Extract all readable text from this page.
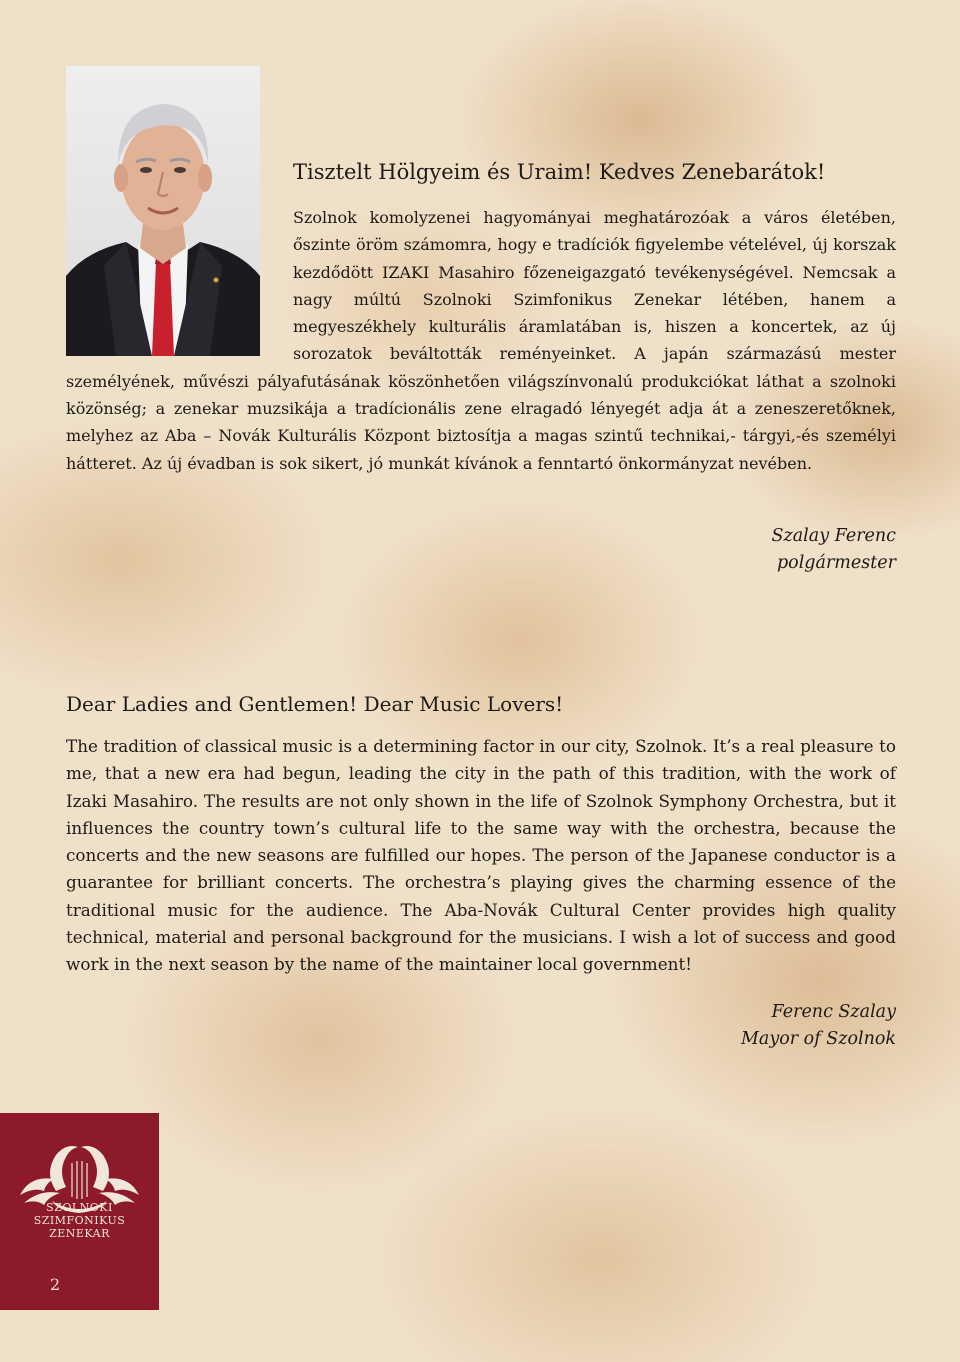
Tisztelt Hölgyeim és Uraim! Kedves Zenebarátok!
Szolnok komolyzenei hagyományai meghatározóak a város életében, őszinte öröm számomra, hogy e tradíciók figyelembe vételével, új korszak kezdődött IZAKI Masahiro főzeneigazgató tevékenységével. Nemcsak a nagy múltú Szolnoki Szimfonikus Zenekar létében, hanem a megyeszékhely kulturális áramlatában is, hiszen a koncertek, az új sorozatok beváltották reményeinket. A japán származású mester személyének, művészi pályafutásának köszönhetően világszínvonalú produkciókat láthat a szolnoki közönség; a zenekar muzsikája a tradícionális zene elragadó lényegét adja át a zeneszeretőknek, melyhez az Aba – Novák Kulturális Központ biztosítja a magas szintű technikai,- tárgyi,-és személyi hátteret. Az új évadban is sok sikert, jó munkát kívánok a fenntartó önkormányzat nevében.
Szalay Ferenc
polgármester
Dear Ladies and Gentlemen! Dear Music Lovers!
The tradition of classical music is a determining factor in our city, Szolnok. It’s a real pleasure to me, that a new era had begun, leading the city in the path of this tradition, with the work of Izaki Masahiro. The results are not only shown in the life of Szolnok Symphony Orchestra, but it influences the country town’s cultural life to the same way with the orchestra, because the concerts and the new seasons are fulfilled our hopes. The person of the Japanese conductor is a guarantee for brilliant concerts. The orchestra’s playing gives the charming essence of the traditional music for the audience. The Aba-Novák Cultural Center provides high quality technical, material and personal background for the musicians. I wish a lot of success and good work in the next season by the name of the maintainer local government!
Ferenc Szalay
Mayor of Szolnok
SZOLNOKI
SZIMFONIKUS
ZENEKAR
2
